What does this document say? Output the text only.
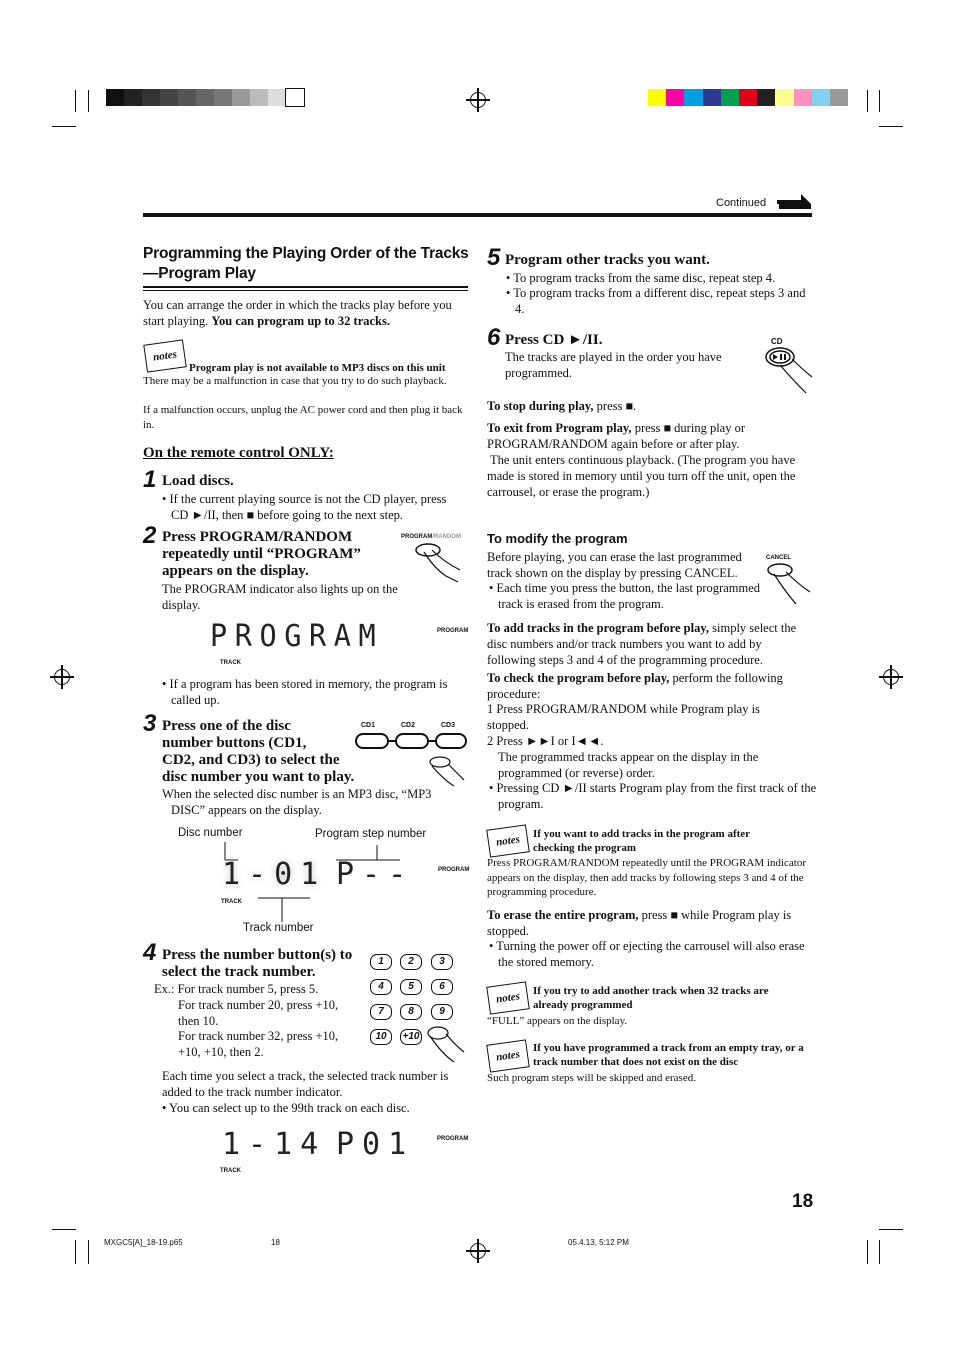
Continued
Programming the Playing Order of the Tracks
—Program Play

You can arrange the order in which the tracks play before you start playing. You can program up to 32 tracks.

notes
Program play is not available to MP3 discs on this unit

There may be a malfunction in case that you try to do such playback.

If a malfunction occurs, unplug the AC power cord and then plug it back in.

On the remote control ONLY:
1 Load discs.

• If the current playing source is not the CD player, press
CD ►/II, then ■ before going to the next step.

2 Press PROGRAM/RANDOM
repeatedly until “PROGRAM”
appears on the display.

The PROGRAM indicator also lights up on the display.

PROGRAM/RANDOM
PROGRAM
TRACK
PROGRAM

• If a program has been stored in memory, the program is called up.

3 Press one of the disc
number buttons (CD1,
CD2, and CD3) to select the
disc number you want to play.
CD1	CD2	CD3

When the selected disc number is an MP3 disc, “MP3 DISC” appears on the display.

Disc number	Program step number
1-01 P--
TRACK
PROGRAM
Track number
4 Press the number button(s) to
select the track number.

Ex.: For track number 5, press 5.

For track number 20, press +10, then 10.

For track number 32, press +10, +10, +10, then 2.

1	2	3
4	5	6
7	8	9
10	+10

Each time you select a track, the selected track number is added to the track number indicator.

• You can select up to the 99th track on each disc.

1-14 P01
TRACK
PROGRAM
5 Program other tracks you want.

• To program tracks from the same disc, repeat step 4.

• To program tracks from a different disc, repeat steps 3 and 4.

6 Press CD ►/II.

The tracks are played in the order you have programmed.

CD

To stop during play, press ■.

To exit from Program play, press ■ during play or PROGRAM/RANDOM again before or after play.

The unit enters continuous playback. (The program you have made is stored in memory until you turn off the unit, open the carrousel, or erase the program.)

To modify the program

Before playing, you can erase the last programmed track shown on the display by pressing CANCEL.

• Each time you press the button, the last programmed track is erased from the program.

CANCEL

To add tracks in the program before play, simply select the disc numbers and/or track numbers you want to add by following steps 3 and 4 of the programming procedure.

To check the program before play, perform the following procedure:

1 Press PROGRAM/RANDOM while Program play is stopped.

2 Press ►►I or I◄◄.

The programmed tracks appear on the display in the programmed (or reverse) order.

• Pressing CD ►/II starts Program play from the first track of the program.

notes	If you want to add tracks in the program after checking the program

Press PROGRAM/RANDOM repeatedly until the PROGRAM indicator appears on the display, then add tracks by following steps 3 and 4 of the programming procedure.

To erase the entire program, press ■ while Program play is stopped.

• Turning the power off or ejecting the carrousel will also erase the stored memory.

notes	If you try to add another track when 32 tracks are already programmed

“FULL” appears on the display.

notes
If you have programmed a track from an empty tray, or a track number that does not exist on the disc

Such program steps will be skipped and erased.

18
MXGC5[A]_18-19.p65	18	05.4.13, 5:12 PM
